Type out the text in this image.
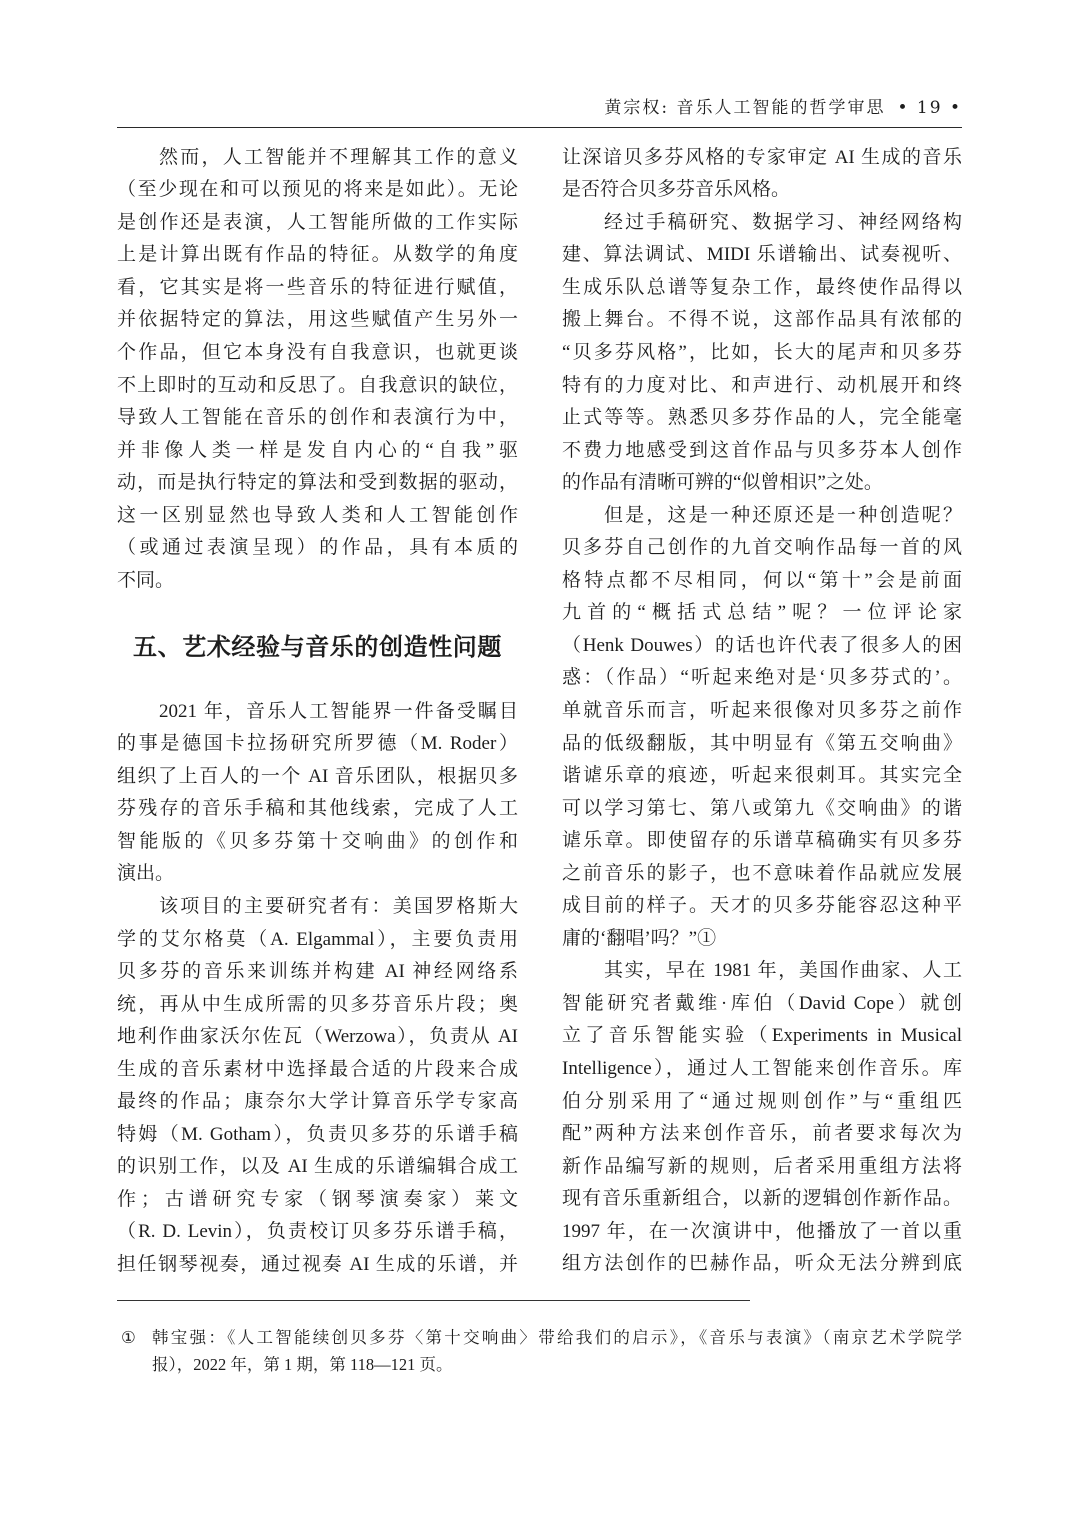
黄宗权: 音乐人工智能的哲学审思 • 19 •
然而，人工智能并不理解其工作的意义
（至少现在和可以预见的将来是如此）。无论
是创作还是表演，人工智能所做的工作实际
上是计算出既有作品的特征。从数学的角度
看，它其实是将一些音乐的特征进行赋值，
并依据特定的算法，用这些赋值产生另外一
个作品，但它本身没有自我意识，也就更谈
不上即时的互动和反思了。自我意识的缺位，
导致人工智能在音乐的创作和表演行为中，
并非像人类一样是发自内心的“自我”驱
动，而是执行特定的算法和受到数据的驱动，
这一区别显然也导致人类和人工智能创作
（或通过表演呈现）的作品，具有本质的
不同。
五、艺术经验与音乐的创造性问题
2021 年，音乐人工智能界一件备受瞩目
的事是德国卡拉扬研究所罗德（M. Roder）
组织了上百人的一个 AI 音乐团队，根据贝多
芬残存的音乐手稿和其他线索，完成了人工
智能版的《贝多芬第十交响曲》的创作和
演出。
该项目的主要研究者有：美国罗格斯大
学的艾尔格莫（A. Elgammal），主要负责用
贝多芬的音乐来训练并构建 AI 神经网络系
统，再从中生成所需的贝多芬音乐片段；奥
地利作曲家沃尔佐瓦（Werzowa），负责从 AI
生成的音乐素材中选择最合适的片段来合成
最终的作品；康奈尔大学计算音乐学专家高
特姆（M. Gotham），负责贝多芬的乐谱手稿
的识别工作，以及 AI 生成的乐谱编辑合成工
作；古谱研究专家（钢琴演奏家）莱文
（R. D. Levin），负责校订贝多芬乐谱手稿，
担任钢琴视奏，通过视奏 AI 生成的乐谱，并
让深谙贝多芬风格的专家审定 AI 生成的音乐
是否符合贝多芬音乐风格。
经过手稿研究、数据学习、神经网络构
建、算法调试、MIDI 乐谱输出、试奏视听、
生成乐队总谱等复杂工作，最终使作品得以
搬上舞台。不得不说，这部作品具有浓郁的
“贝多芬风格”，比如，长大的尾声和贝多芬
特有的力度对比、和声进行、动机展开和终
止式等等。熟悉贝多芬作品的人，完全能毫
不费力地感受到这首作品与贝多芬本人创作
的作品有清晰可辨的“似曾相识”之处。
但是，这是一种还原还是一种创造呢？
贝多芬自己创作的九首交响作品每一首的风
格特点都不尽相同，何以“第十”会是前面
九首的“概括式总结”呢？一位评论家
（Henk Douwes）的话也许代表了很多人的困
惑：（作品）“听起来绝对是‘贝多芬式的’。
单就音乐而言，听起来很像对贝多芬之前作
品的低级翻版，其中明显有《第五交响曲》
谐谑乐章的痕迹，听起来很刺耳。其实完全
可以学习第七、第八或第九《交响曲》的谐
谑乐章。即使留存的乐谱草稿确实有贝多芬
之前音乐的影子，也不意味着作品就应发展
成目前的样子。天才的贝多芬能容忍这种平
庸的‘翻唱’吗？”①
其实，早在 1981 年，美国作曲家、人工
智能研究者戴维·库伯（David Cope）就创
立了音乐智能实验（Experiments in Musical
Intelligence），通过人工智能来创作音乐。库
伯分别采用了“通过规则创作”与“重组匹
配”两种方法来创作音乐，前者要求每次为
新作品编写新的规则，后者采用重组方法将
现有音乐重新组合，以新的逻辑创作新作品。
1997 年，在一次演讲中，他播放了一首以重
组方法创作的巴赫作品，听众无法分辨到底
① 韩宝强：《人工智能续创贝多芬〈第十交响曲〉带给我们的启示》，《音乐与表演》（南京艺术学院学
报），2022 年，第 1 期，第 118—121 页。
